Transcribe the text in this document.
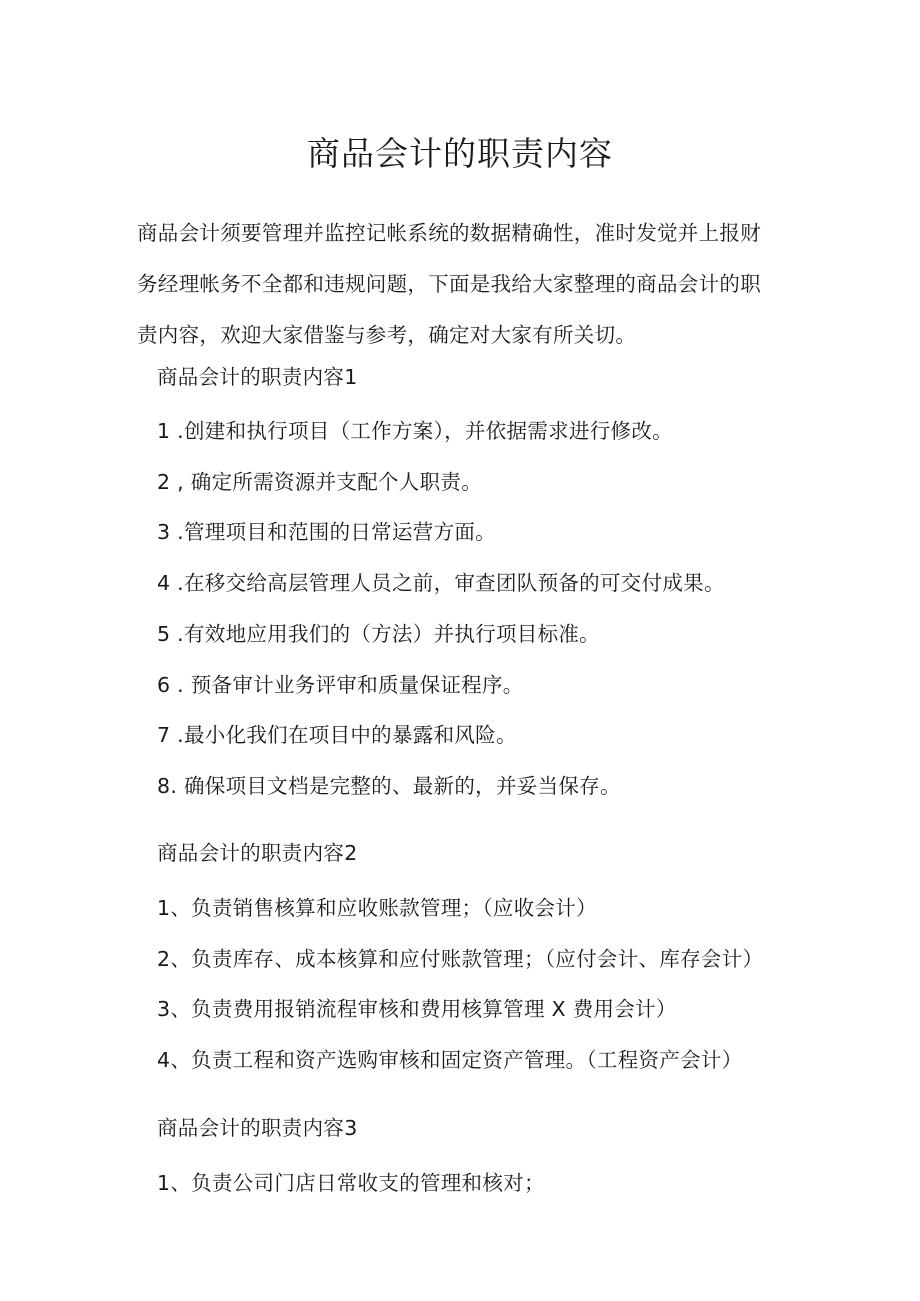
商品会计的职责内容

商品会计须要管理并监控记帐系统的数据精确性，准时发觉并上报财务经理帐务不全都和违规问题，下面是我给大家整理的商品会计的职责内容，欢迎大家借鉴与参考，确定对大家有所关切。

商品会计的职责内容1

1 .创建和执行项目（工作方案），并依据需求进行修改。

2 , 确定所需资源并支配个人职责。

3 .管理项目和范围的日常运营方面。

4 .在移交给高层管理人员之前，审查团队预备的可交付成果。

5 .有效地应用我们的（方法）并执行项目标准。

6 . 预备审计业务评审和质量保证程序。

7 .最小化我们在项目中的暴露和风险。

8. 确保项目文档是完整的、最新的，并妥当保存。

商品会计的职责内容2

1、负责销售核算和应收账款管理；（应收会计）

2、负责库存、成本核算和应付账款管理；（应付会计、库存会计）

3、负责费用报销流程审核和费用核算管理 X 费用会计）

4、负责工程和资产选购审核和固定资产管理。（工程资产会计）

商品会计的职责内容3

1、负责公司门店日常收支的管理和核对；
